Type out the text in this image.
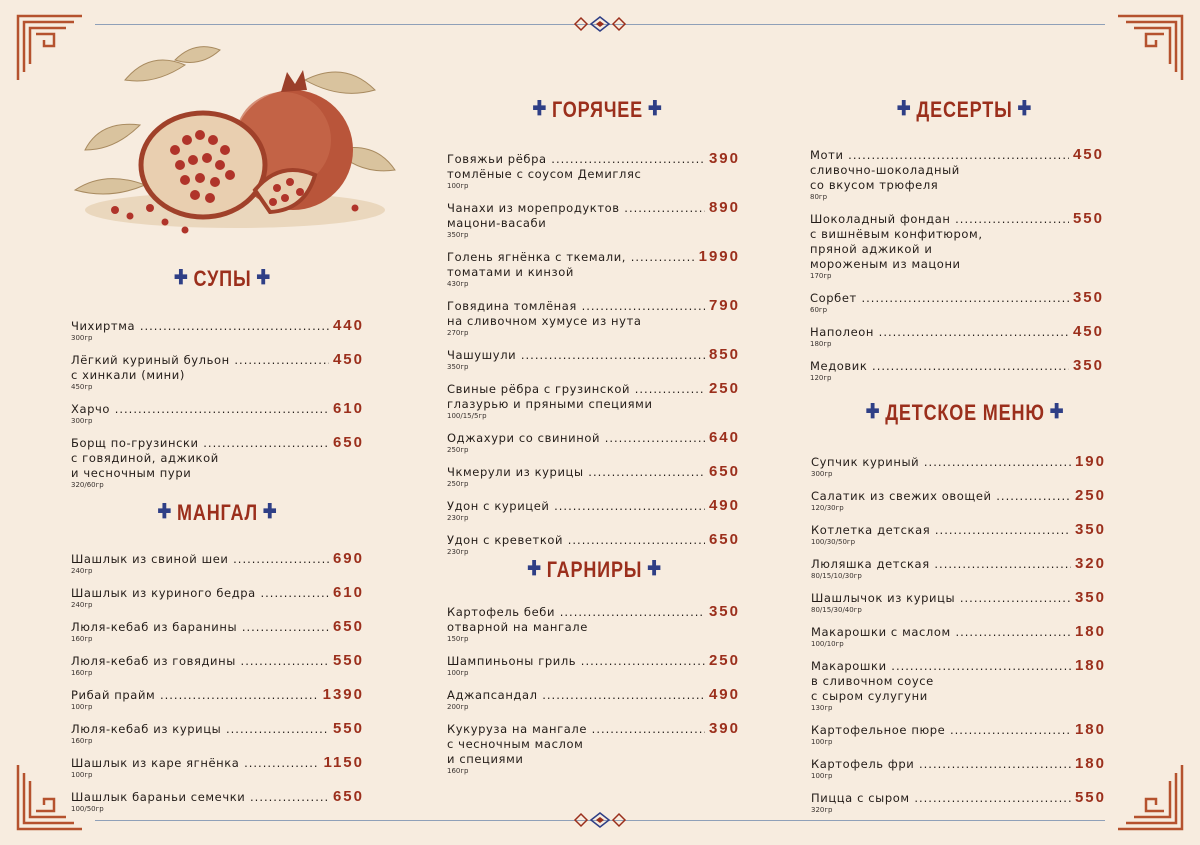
✚ СУПЫ ✚
✚ МАНГАЛ ✚
✚ ГОРЯЧЕЕ ✚
✚ ГАРНИРЫ ✚
✚ ДЕСЕРТЫ ✚
✚ ДЕТСКОЕ МЕНЮ ✚
Чихиртма .....	440
300гр
Лёгкий куриный бульон .....	450
с хинкали (мини)
450гр
Харчо .....	610
300гр
Борщ по-грузински .....	650
с говядиной, аджикой
и чесночным пури
320/60гр
Шашлык из свиной шеи .....	690
240гр
Шашлык из куриного бедра .....	610
240гр
Люля-кебаб из баранины .....	650
160гр
Люля-кебаб из говядины .....	550
160гр
Рибай прайм .....	1390
100гр
Люля-кебаб из курицы .....	550
160гр
Шашлык из каре ягнёнка .....	1150
100гр
Шашлык бараньи семечки .....	650
100/50гр
Говяжьи рёбра .....	390
томлёные с соусом Демигляс
100гр
Чанахи из морепродуктов .....	890
мацони-васаби
350гр
Голень ягнёнка с ткемали, .....	1990
томатами и кинзой
430гр
Говядина томлёная .....	790
на сливочном хумусе из нута
270гр
Чашушули .....	850
350гр
Свиные рёбра с грузинской .....	250
глазурью и пряными специями
100/15/5гр
Оджахури со свининой .....	640
250гр
Чкмерули из курицы .....	650
250гр
Удон с курицей .....	490
230гр
Удон с креветкой .....	650
230гр
Картофель беби .....	350
отварной на мангале
150гр
Шампиньоны гриль .....	250
100гр
Аджапсандал .....	490
200гр
Кукуруза на мангале .....	390
с чесночным маслом
и специями
160гр
Моти .....	450
сливочно-шоколадный
со вкусом трюфеля
80гр
Шоколадный фондан .....	550
с вишнёвым конфитюром,
пряной аджикой и
мороженым из мацони
170гр
Сорбет .....	350
60гр
Наполеон .....	450
180гр
Медовик .....	350
120гр
Супчик куриный .....	190
300гр
Салатик из свежих овощей .....	250
120/30гр
Котлетка детская .....	350
100/30/50гр
Люляшка детская .....	320
80/15/10/30гр
Шашлычок из курицы .....	350
80/15/30/40гр
Макарошки с маслом .....	180
100/10гр
Макарошки .....	180
в сливочном соусе
с сыром сулугуни
130гр
Картофельное пюре .....	180
100гр
Картофель фри .....	180
100гр
Пицца с сыром .....	550
320гр
